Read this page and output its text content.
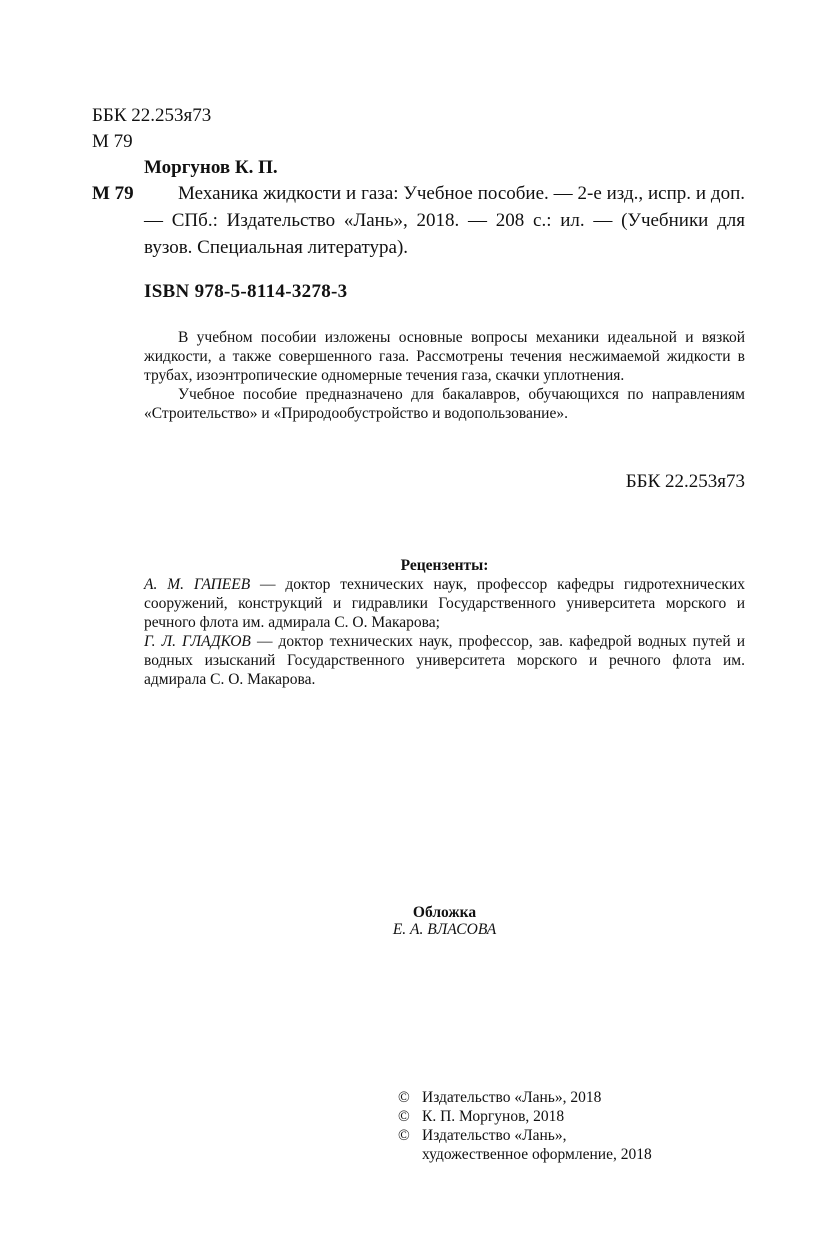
ББК 22.253я73
М 79
Моргунов К. П.
М 79	Механика жидкости и газа: Учебное пособие. — 2-е изд., испр. и доп. — СПб.: Издательство «Лань», 2018. — 208 с.: ил. — (Учебники для вузов. Специальная литература).
ISBN 978-5-8114-3278-3

В учебном пособии изложены основные вопросы механики идеальной и вязкой жидкости, а также совершенного газа. Рассмотрены течения несжимаемой жидкости в трубах, изоэнтропические одномерные течения газа, скачки уплотнения.

Учебное пособие предназначено для бакалавров, обучающихся по направлениям «Строительство» и «Природообустройство и водопользование».

ББК 22.253я73
Рецензенты:

А. М. ГАПЕЕВ — доктор технических наук, профессор кафедры гидротехнических сооружений, конструкций и гидравлики Государственного университета морского и речного флота им. адмирала С. О. Макарова;

Г. Л. ГЛАДКОВ — доктор технических наук, профессор, зав. кафедрой водных путей и водных изысканий Государственного университета морского и речного флота им. адмирала С. О. Макарова.

Обложка
Е. А. ВЛАСОВА
© Издательство «Лань», 2018
© К. П. Моргунов, 2018
© Издательство «Лань»,
художественное оформление, 2018
